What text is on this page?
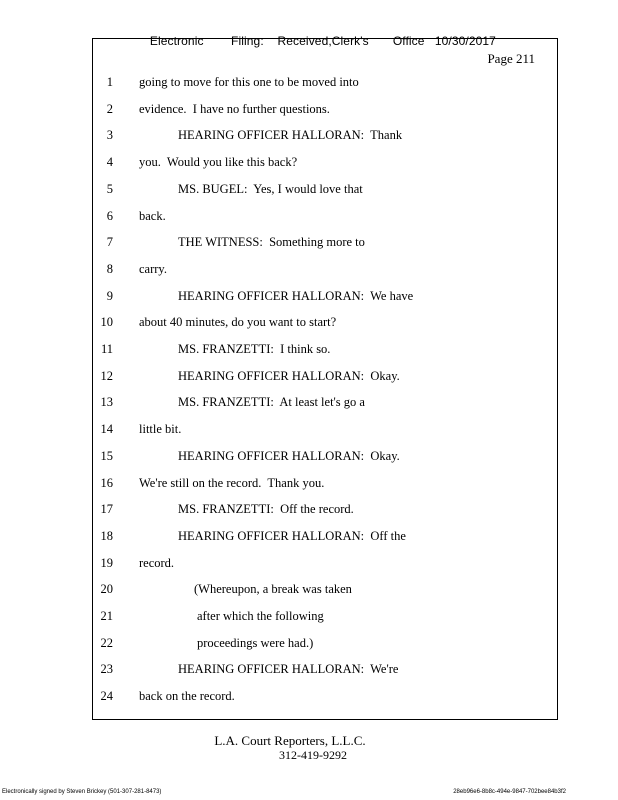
Electronic Filing: Received,Clerk's Office 10/30/2017

Page 211
1 going to move for this one to be moved into
2 evidence.  I have no further questions.
3	HEARING OFFICER HALLORAN:  Thank
4 you.  Would you like this back?
5	MS. BUGEL:  Yes, I would love that
6 back.
7	THE WITNESS:  Something more to
8 carry.
9	HEARING OFFICER HALLORAN:  We have
10 about 40 minutes, do you want to start?
11	MS. FRANZETTI:  I think so.
12	HEARING OFFICER HALLORAN:  Okay.
13	MS. FRANZETTI:  At least let's go a
14 little bit.
15	HEARING OFFICER HALLORAN:  Okay.
16 We're still on the record.  Thank you.
17	MS. FRANZETTI:  Off the record.
18	HEARING OFFICER HALLORAN:  Off the
19 record.
20	(Whereupon, a break was taken
21	after which the following
22	proceedings were had.)
23	HEARING OFFICER HALLORAN:  We're
24 back on the record.
L.A. Court Reporters, L.L.C.
312-419-9292
Electronically signed by Steven Brickey (501-307-281-8473)	28eb96e6-8b8c-494e-9847-702bee84b3f2
